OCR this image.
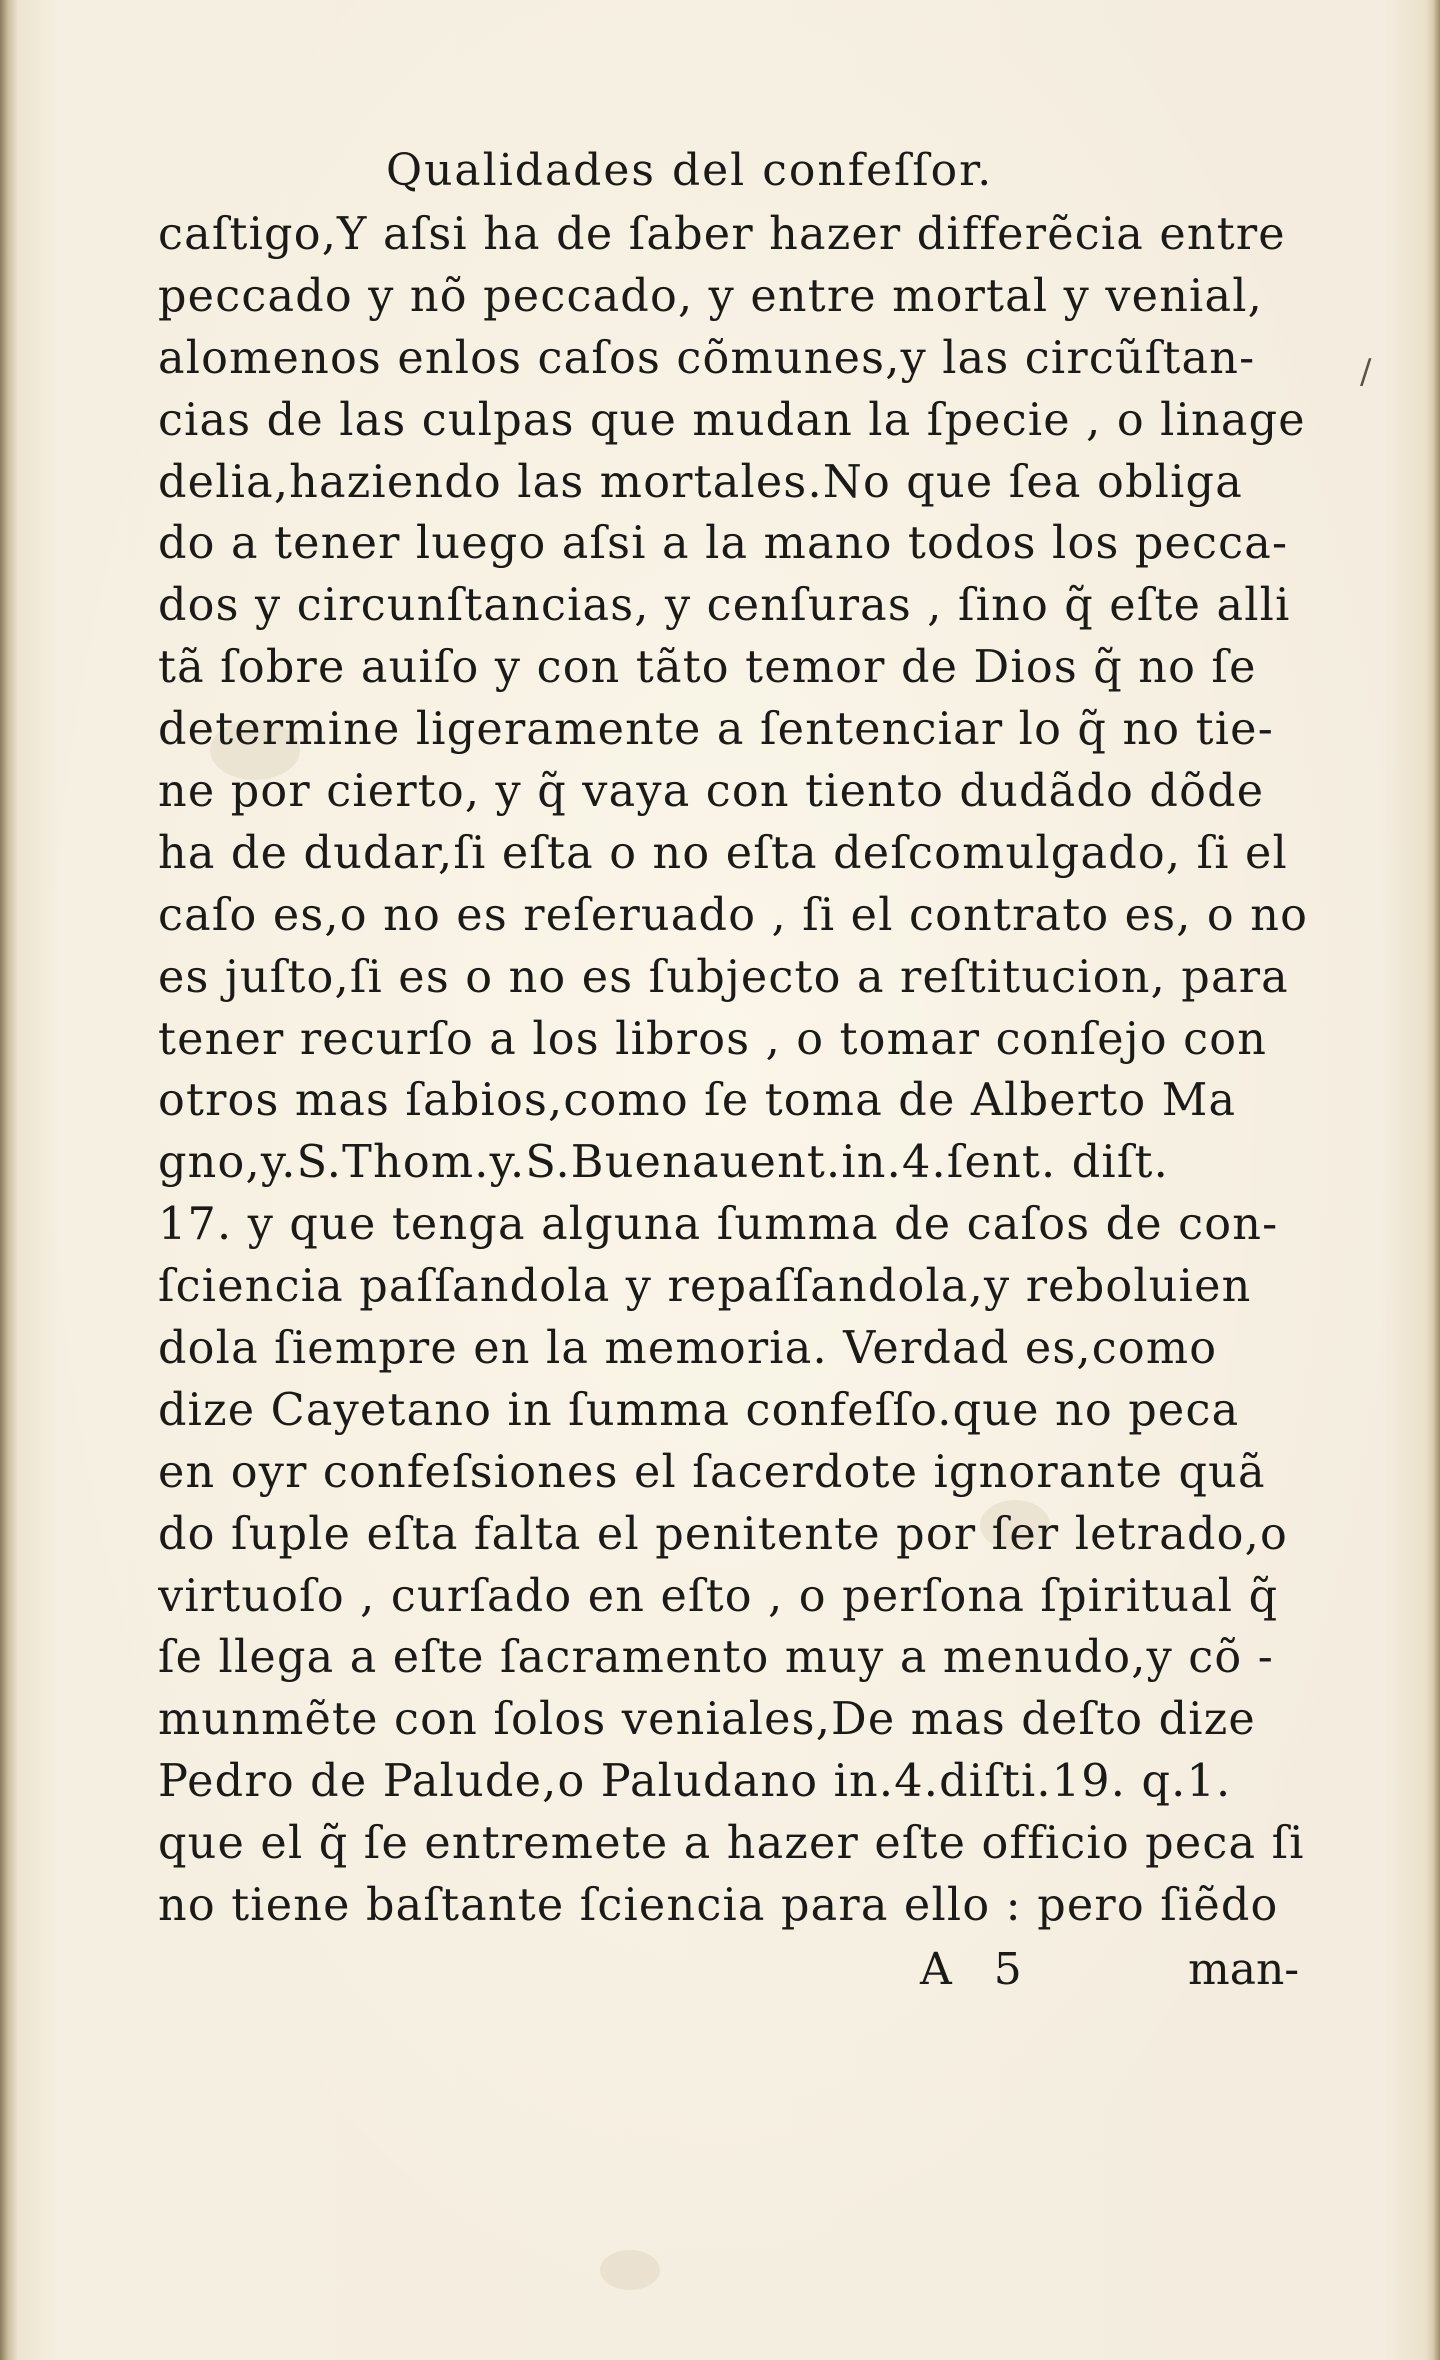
/
Qualidades del confeſſor.
caſtigo,Y aſsi ha de ſaber hazer differẽcia entre
peccado y nõ peccado, y entre mortal y venial,
alomenos enlos caſos cõmunes,y las circũſtan-
cias de las culpas que mudan la ſpecie , o linage
delia,haziendo las mortales.No que ſea obliga
do a tener luego aſsi a la mano todos los pecca-
dos y circunſtancias, y cenſuras , ſino q̃ eſte alli
tã ſobre auiſo y con tãto temor de Dios q̃ no ſe
determine ligeramente a ſentenciar lo q̃ no tie-
ne por cierto, y q̃ vaya con tiento dudãdo dõde
ha de dudar,ſi eſta o no eſta deſcomulgado, ſi el
caſo es,o no es reſeruado , ſi el contrato es, o no
es juſto,ſi es o no es ſubjecto a reſtitucion, para
tener recurſo a los libros , o tomar conſejo con
otros mas ſabios,como ſe toma de Alberto Ma
gno,y.S.Thom.y.S.Buenauent.in.4.ſent. diſt.
17. y que tenga alguna ſumma de caſos de con-
ſciencia paſſandola y repaſſandola,y reboluien
dola ſiempre en la memoria. Verdad es,como
dize Cayetano in ſumma confeſſo.que no peca
en oyr confeſsiones el ſacerdote ignorante quã
do ſuple eſta falta el penitente por ſer letrado,o
virtuoſo , curſado en eſto , o perſona ſpiritual q̃
ſe llega a eſte ſacramento muy a menudo,y cõ -
munmẽte con ſolos veniales,De mas deſto dize
Pedro de Palude,o Paludano in.4.diſti.19. q.1.
que el q̃ ſe entremete a hazer eſte officio peca ſi
no tiene baſtante ſciencia para ello : pero ſiẽdo
A 5	man-
